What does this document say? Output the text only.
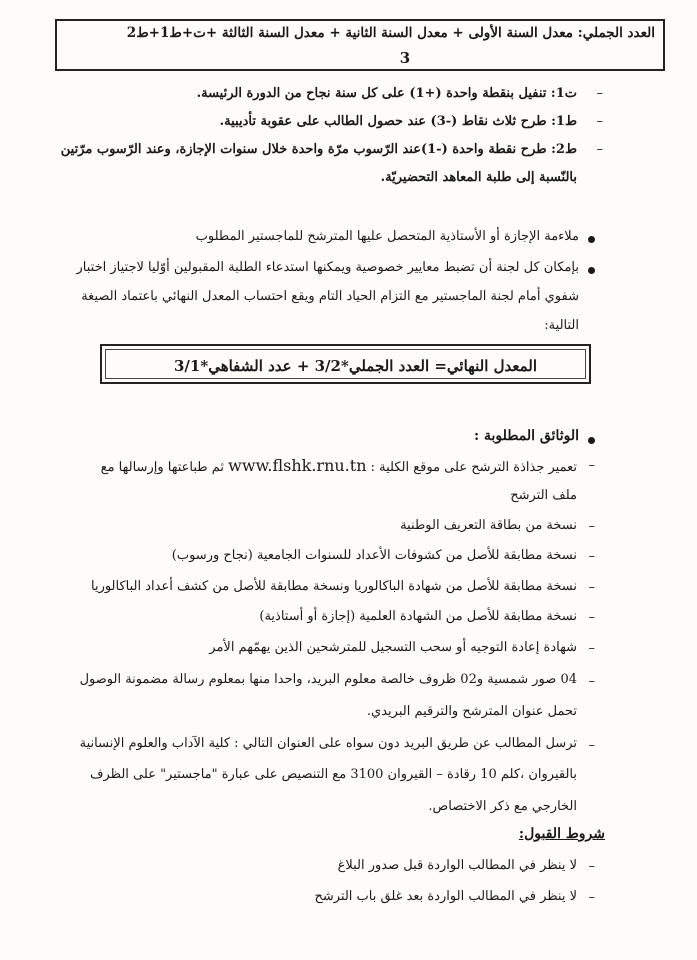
العدد الجملي: معدل السنة الأولى + معدل السنة الثانية + معدل السنة الثالثة +ت+ط1+ط2
3
–
ت1: تنفيل بنقطة واحدة (+1) على كل سنة نجاح من الدورة الرئيسة.
–
ط1: طرح ثلاث نقاط (-3) عند حصول الطالب على عقوبة تأديبية.
–
ط2: طرح نقطة واحدة (-1)عند الرّسوب مرّة واحدة خلال سنوات الإجازة، وعند الرّسوب مرّتين
بالنّسبة إلى طلبة المعاهد التحضيريّة.
ملاءمة الإجازة أو الأستاذية المتحصل عليها المترشح للماجستير المطلوب
بإمكان كل لجنة أن تضبط معايير خصوصية ويمكنها استدعاء الطلبة المقبولين أوّليا لاجتياز اختبار
شفوي أمام لجنة الماجستير مع التزام الحياد التام ويقع احتساب المعدل النهائي باعتماد الصيغة
التالية:
المعدل النهائي= العدد الجملي*3/2 + عدد الشفاهي*3/1
الوثائق المطلوبة :
–
تعمير جذاذة الترشح على موقع الكلية : www.flshk.rnu.tn ثم طباعتها وإرسالها مع
ملف الترشح
–
نسخة من بطاقة التعريف الوطنية
–
نسخة مطابقة للأصل من كشوفات الأعداد للسنوات الجامعية (نجاح ورسوب)
–
نسخة مطابقة للأصل من شهادة الباكالوريا ونسخة مطابقة للأصل من كشف أعداد الباكالوريا
–
نسخة مطابقة للأصل من الشهادة العلمية (إجازة أو أستاذية)
–
شهادة إعادة التوجيه أو سحب التسجيل للمترشحين الذين يهمّهم الأمر
–
04 صور شمسية و02 ظروف خالصة معلوم البريد، واحدا منها بمعلوم رسالة مضمونة الوصول
تحمل عنوان المترشح والترقيم البريدي.
–
ترسل المطالب عن طريق البريد دون سواه على العنوان التالي : كلية الآداب والعلوم الإنسانية
بالقيروان ،كلم 10 رقادة – القيروان 3100 مع التنصيص على عبارة "ماجستير" على الظرف
الخارجي مع ذكر الاختصاص.
شروط القبول:
–
لا ينظر في المطالب الواردة قبل صدور البلاغ
–
لا ينظر في المطالب الواردة بعد غلق باب الترشح
